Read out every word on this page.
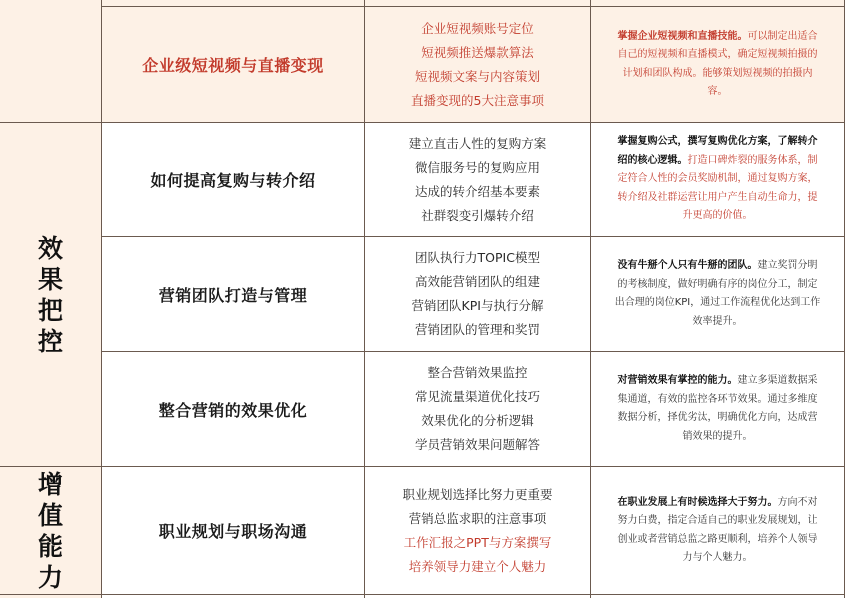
效
果
把
控
增
值
能
力
企业级短视频与直播变现
企业短视频账号定位
短视频推送爆款算法
短视频文案与内容策划
直播变现的5大注意事项

掌握企业短视频和直播技能。可以制定出适合自己的短视频和直播模式，确定短视频拍摄的计划和团队构成。能够策划短视频的拍摄内容。

如何提高复购与转介绍
建立直击人性的复购方案
微信服务号的复购应用
达成的转介绍基本要素
社群裂变引爆转介绍

掌握复购公式，撰写复购优化方案，了解转介绍的核心逻辑。打造口碑炸裂的服务体系，制定符合人性的会员奖励机制，通过复购方案，转介绍及社群运营让用户产生自动生命力，提升更高的价值。

营销团队打造与管理
团队执行力TOPIC模型
高效能营销团队的组建
营销团队KPI与执行分解
营销团队的管理和奖罚

没有牛掰个人只有牛掰的团队。建立奖罚分明的考核制度，做好明确有序的岗位分工，制定出合理的岗位KPI，通过工作流程优化达到工作效率提升。

整合营销的效果优化
整合营销效果监控
常见流量渠道优化技巧
效果优化的分析逻辑
学员营销效果问题解答

对营销效果有掌控的能力。建立多渠道数据采集通道，有效的监控各环节效果。通过多维度数据分析，择优劣汰，明确优化方向，达成营销效果的提升。

职业规划与职场沟通
职业规划选择比努力更重要
营销总监求职的注意事项
工作汇报之PPT与方案撰写
培养领导力建立个人魅力

在职业发展上有时候选择大于努力。方向不对努力白费，指定合适自己的职业发展规划，让创业或者营销总监之路更顺利，培养个人领导力与个人魅力。
